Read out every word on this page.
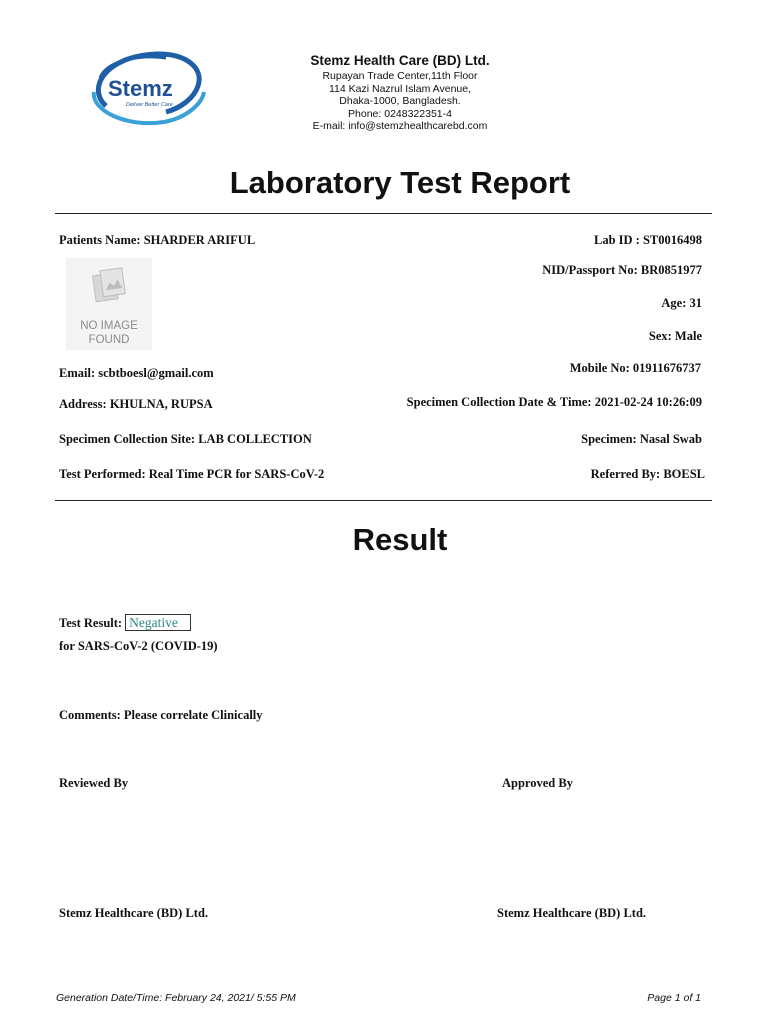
Stemz
Deliver Better Care
Stemz Health Care (BD) Ltd.
Rupayan Trade Center,11th Floor
114 Kazi Nazrul Islam Avenue,
Dhaka-1000, Bangladesh.
Phone: 0248322351-4
E-mail: info@stemzhealthcarebd.com
Laboratory Test Report
Patients Name: SHARDER ARIFUL	Lab ID : ST0016498
NO IMAGE
FOUND
NID/Passport No: BR0851977
Age: 31
Sex: Male
Mobile No: 01911676737
Email: scbtboesl@gmail.com
Address: KHULNA, RUPSA	Specimen Collection Date & Time: 2021-02-24 10:26:09
Specimen Collection Site: LAB COLLECTION	Specimen: Nasal Swab
Test Performed: Real Time PCR for SARS-CoV-2	Referred By: BOESL
Result
Test Result: Negative
for SARS-CoV-2 (COVID-19)
Comments: Please correlate Clinically
Reviewed By	Approved By
Stemz Healthcare (BD) Ltd.	Stemz Healthcare (BD) Ltd.
Generation Date/Time: February 24, 2021/ 5:55 PM	Page 1 of 1
